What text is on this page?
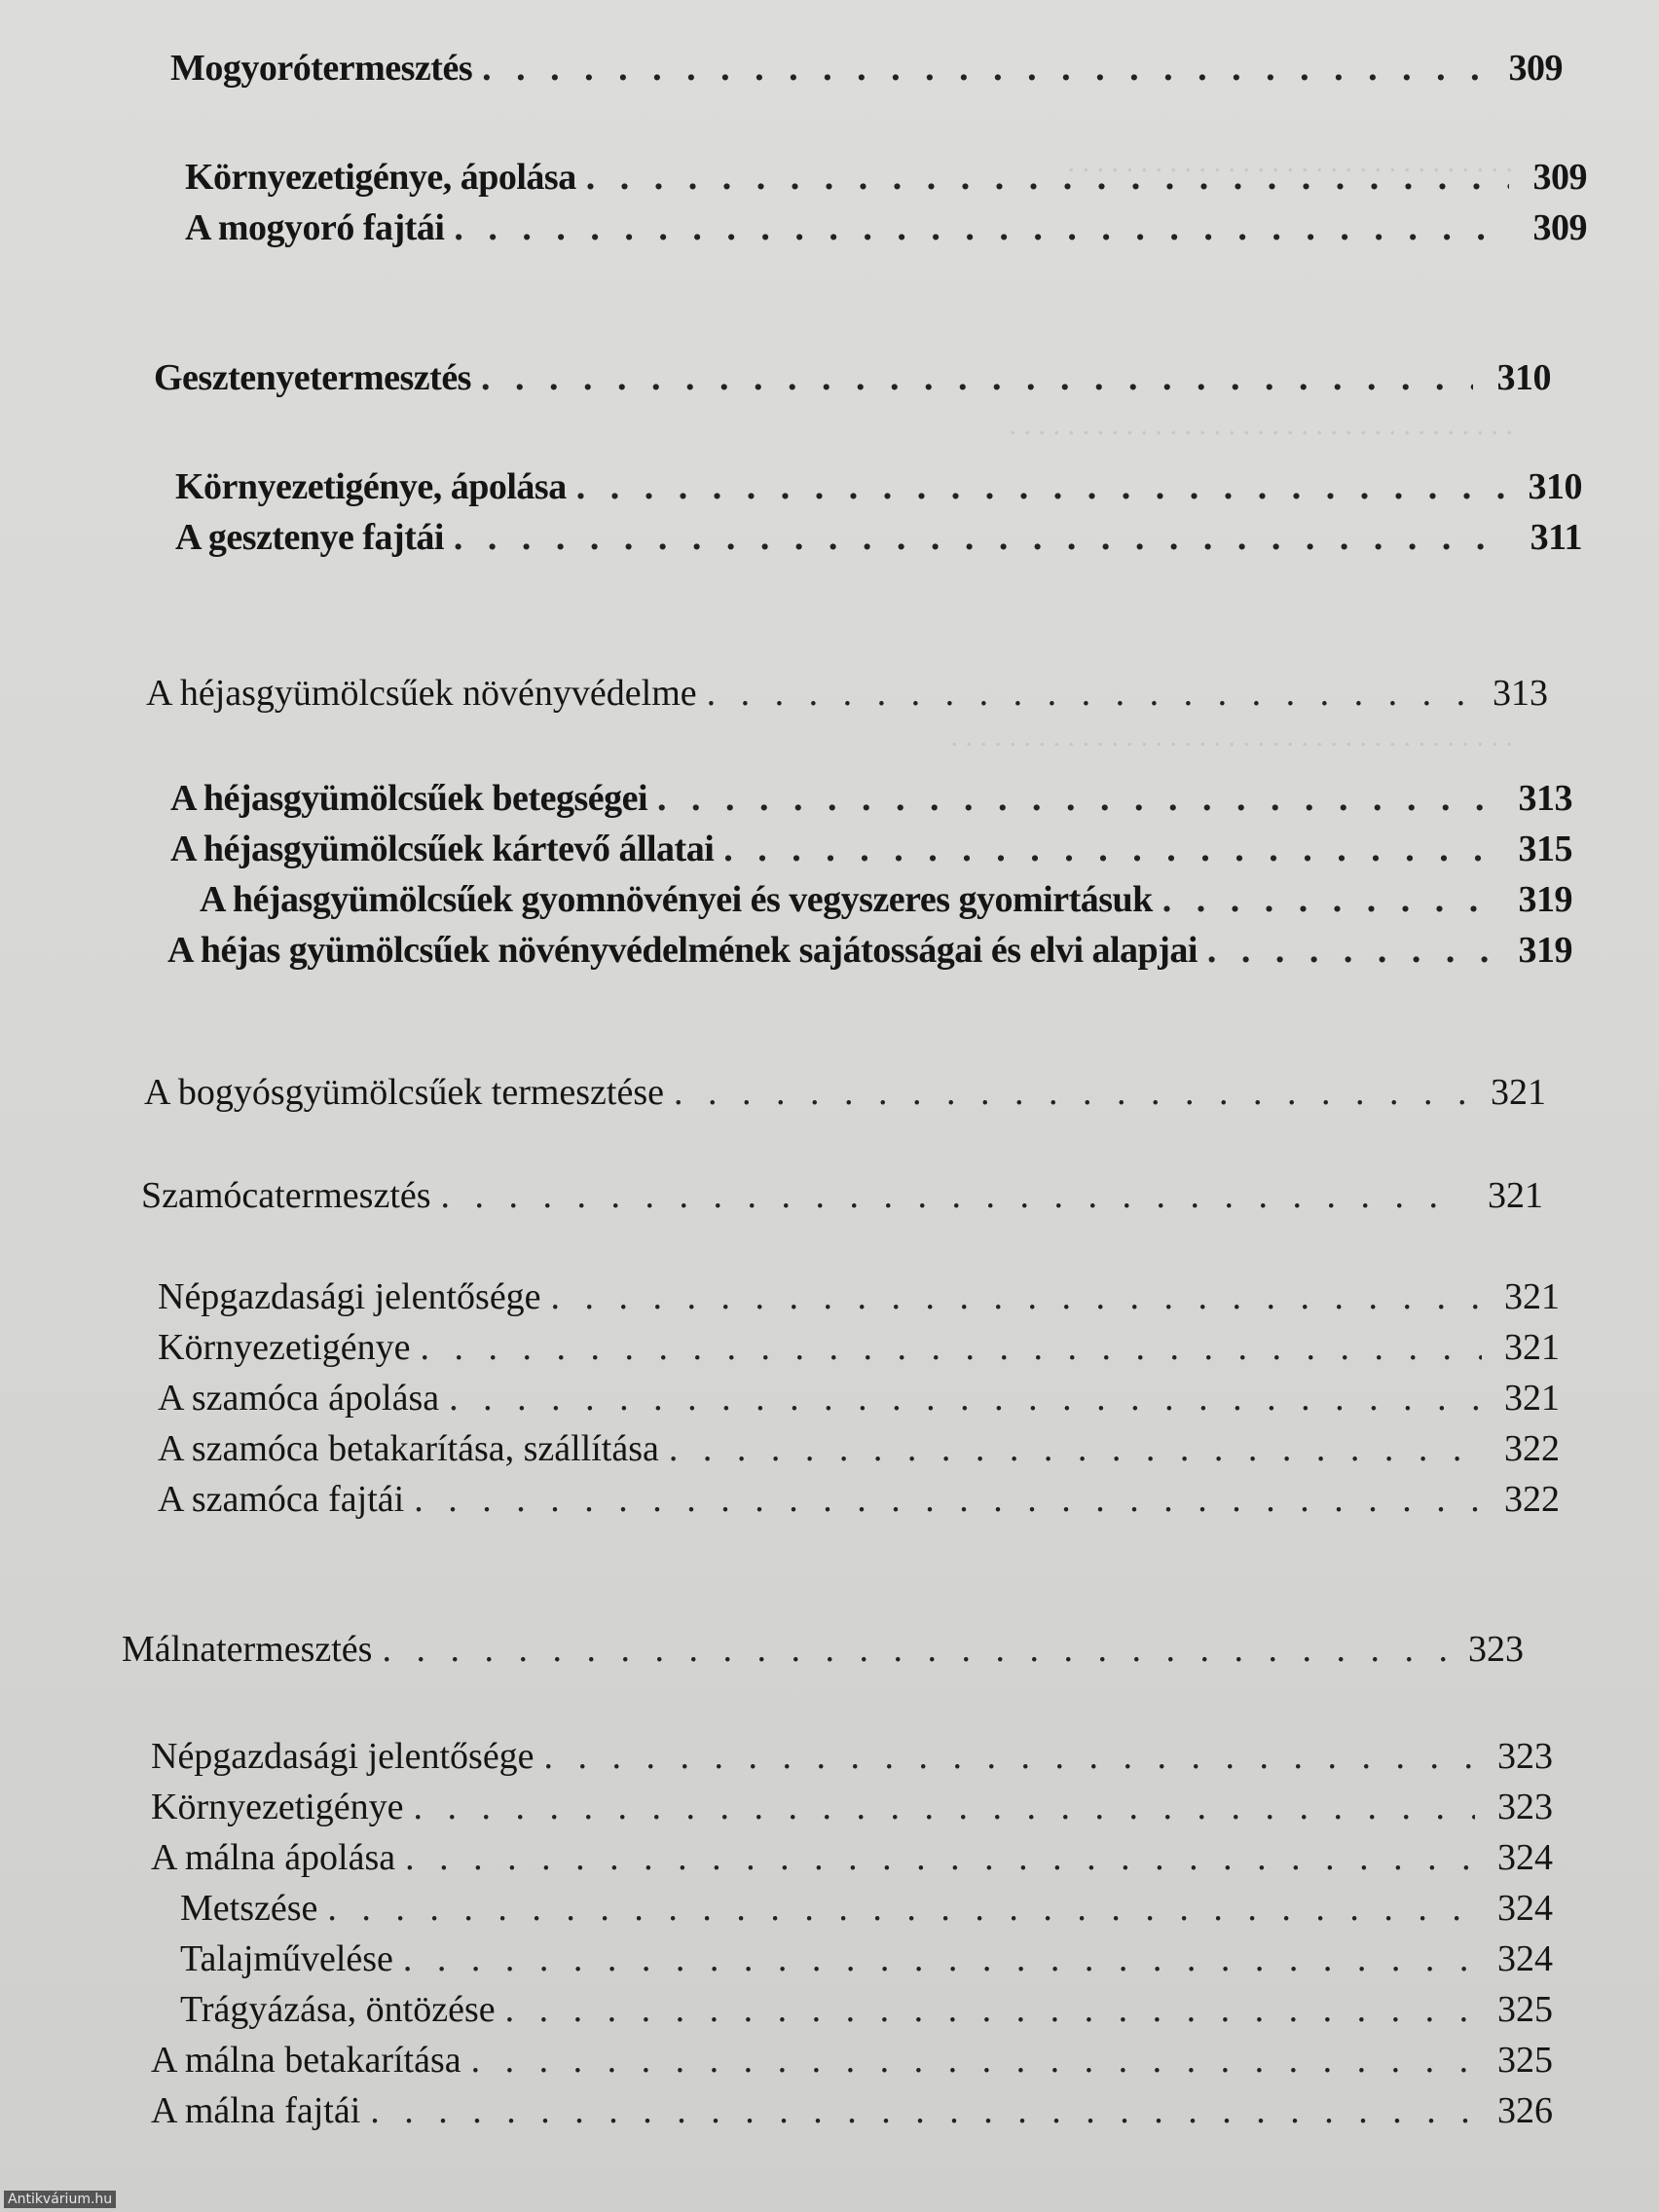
. . . . . . . . . . . . . . . . . . . . . . . . . . . . . . .
. . . . . . . . . . . . . . . . . . . . . . . . . . . . . . . . . . .
. . . . . . . . . . . . . . . . . . . . . . . . . . . . . . . . . . . . . . .
Mogyorótermesztés . . .	309
Környezetigénye, ápolása . . .	309
A mogyoró fajtái . . .	309
Gesztenyetermesztés . . .	310
Környezetigénye, ápolása . . .	310
A gesztenye fajtái . . .	311
A héjasgyümölcsűek növényvédelme . . .	313
A héjasgyümölcsűek betegségei . . .	313
A héjasgyümölcsűek kártevő állatai . . .	315
A héjasgyümölcsűek gyomnövényei és vegyszeres gyomirtásuk . . .	319
A héjas gyümölcsűek növényvédelmének sajátosságai és elvi alapjai . . .	319
A bogyósgyümölcsűek termesztése . . .	321
Szamócatermesztés . . .	321
Népgazdasági jelentősége . . .	321
Környezetigénye . . .	321
A szamóca ápolása . . .	321
A szamóca betakarítása, szállítása . . .	322
A szamóca fajtái . . .	322
Málnatermesztés . . .	323
Népgazdasági jelentősége . . .	323
Környezetigénye . . .	323
A málna ápolása . . .	324
Metszése . . .	324
Talajművelése . . .	324
Trágyázása, öntözése . . .	325
A málna betakarítása . . .	325
A málna fajtái . . .	326
Antikvárium.hu
